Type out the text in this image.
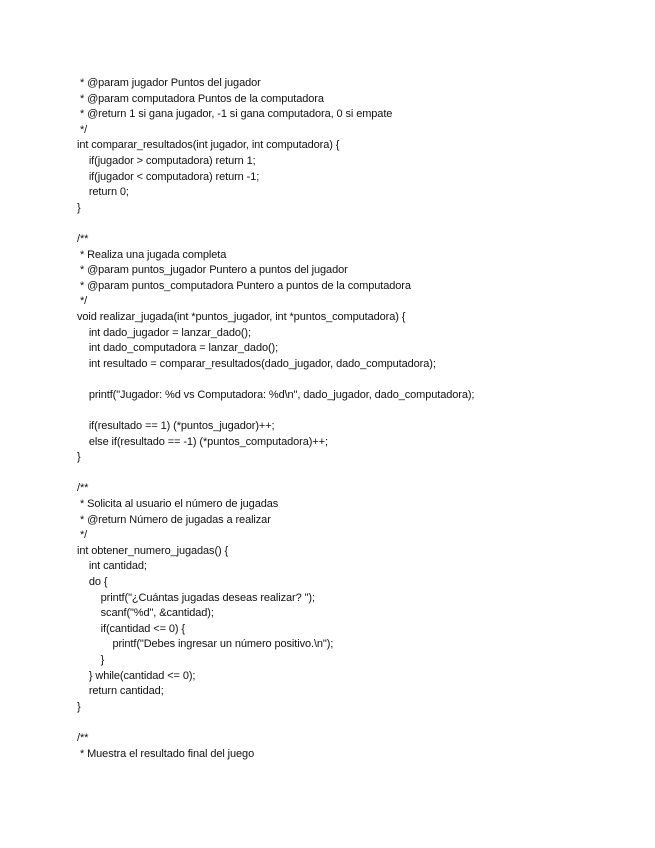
* @param jugador Puntos del jugador
* @param computadora Puntos de la computadora
* @return 1 si gana jugador, -1 si gana computadora, 0 si empate
*/
int comparar_resultados(int jugador, int computadora) {
if(jugador > computadora) return 1;
if(jugador < computadora) return -1;
return 0;
}
/**
* Realiza una jugada completa
* @param puntos_jugador Puntero a puntos del jugador
* @param puntos_computadora Puntero a puntos de la computadora
*/
void realizar_jugada(int *puntos_jugador, int *puntos_computadora) {
int dado_jugador = lanzar_dado();
int dado_computadora = lanzar_dado();
int resultado = comparar_resultados(dado_jugador, dado_computadora);
printf("Jugador: %d vs Computadora: %d\n", dado_jugador, dado_computadora);
if(resultado == 1) (*puntos_jugador)++;
else if(resultado == -1) (*puntos_computadora)++;
}
/**
* Solicita al usuario el número de jugadas
* @return Número de jugadas a realizar
*/
int obtener_numero_jugadas() {
int cantidad;
do {
printf("¿Cuántas jugadas deseas realizar? ");
scanf("%d", &cantidad);
if(cantidad <= 0) {
printf("Debes ingresar un número positivo.\n");
}
} while(cantidad <= 0);
return cantidad;
}
/**
* Muestra el resultado final del juego
